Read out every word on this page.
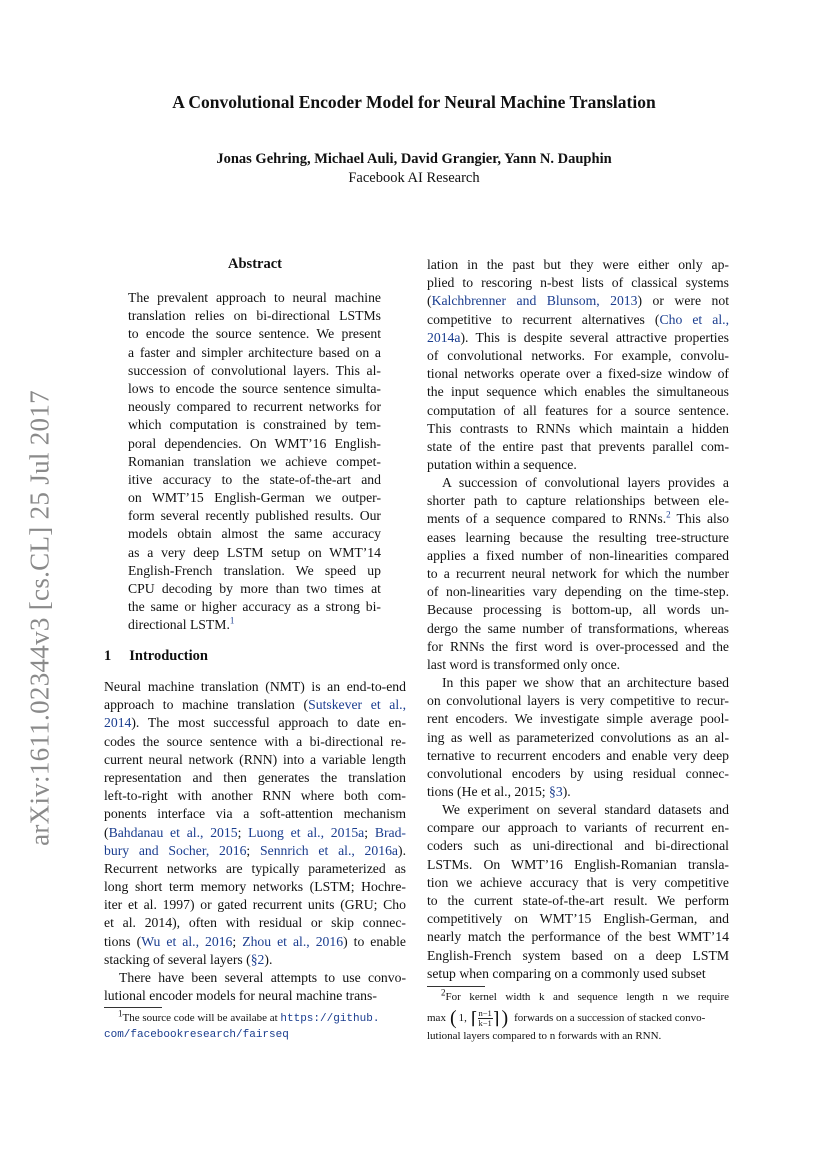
A Convolutional Encoder Model for Neural Machine Translation
Jonas Gehring, Michael Auli, David Grangier, Yann N. Dauphin
Facebook AI Research
arXiv:1611.02344v3 [cs.CL] 25 Jul 2017
Abstract
The prevalent approach to neural machine
translation relies on bi-directional LSTMs
to encode the source sentence. We present
a faster and simpler architecture based on a
succession of convolutional layers. This al-
lows to encode the source sentence simulta-
neously compared to recurrent networks for
which computation is constrained by tem-
poral dependencies. On WMT’16 English-
Romanian translation we achieve compet-
itive accuracy to the state-of-the-art and
on WMT’15 English-German we outper-
form several recently published results. Our
models obtain almost the same accuracy
as a very deep LSTM setup on WMT’14
English-French translation. We speed up
CPU decoding by more than two times at
the same or higher accuracy as a strong bi-
directional LSTM.$^1$
1 Introduction
Neural machine translation (NMT) is an end-to-end
approach to machine translation (Sutskever et al.,
2014). The most successful approach to date en-
codes the source sentence with a bi-directional re-
current neural network (RNN) into a variable length
representation and then generates the translation
left-to-right with another RNN where both com-
ponents interface via a soft-attention mechanism
(Bahdanau et al., 2015; Luong et al., 2015a; Brad-
bury and Socher, 2016; Sennrich et al., 2016a).
Recurrent networks are typically parameterized as
long short term memory networks (LSTM; Hochre-
iter et al. 1997) or gated recurrent units (GRU; Cho
et al. 2014), often with residual or skip connec-
tions (Wu et al., 2016; Zhou et al., 2016) to enable
stacking of several layers (§2).
There have been several attempts to use convo-
lutional encoder models for neural machine trans-
$^1$The source code will be availabe at https://github.
com/facebookresearch/fairseq
lation in the past but they were either only ap-
plied to rescoring n-best lists of classical systems
(Kalchbrenner and Blunsom, 2013) or were not
competitive to recurrent alternatives (Cho et al.,
2014a). This is despite several attractive properties
of convolutional networks. For example, convolu-
tional networks operate over a fixed-size window of
the input sequence which enables the simultaneous
computation of all features for a source sentence.
This contrasts to RNNs which maintain a hidden
state of the entire past that prevents parallel com-
putation within a sequence.
A succession of convolutional layers provides a
shorter path to capture relationships between ele-
ments of a sequence compared to RNNs.$^2$ This also
eases learning because the resulting tree-structure
applies a fixed number of non-linearities compared
to a recurrent neural network for which the number
of non-linearities vary depending on the time-step.
Because processing is bottom-up, all words un-
dergo the same number of transformations, whereas
for RNNs the first word is over-processed and the
last word is transformed only once.
In this paper we show that an architecture based
on convolutional layers is very competitive to recur-
rent encoders. We investigate simple average pool-
ing as well as parameterized convolutions as an al-
ternative to recurrent encoders and enable very deep
convolutional encoders by using residual connec-
tions (He et al., 2015; §3).
We experiment on several standard datasets and
compare our approach to variants of recurrent en-
coders such as uni-directional and bi-directional
LSTMs. On WMT’16 English-Romanian transla-
tion we achieve accuracy that is very competitive
to the current state-of-the-art result. We perform
competitively on WMT’15 English-German, and
nearly match the performance of the best WMT’14
English-French system based on a deep LSTM
setup when comparing on a commonly used subset
$^2$For kernel width k and sequence length n we require
max ( 1, ⌈ n−1
k−1 ⌉ ) forwards on a succession of stacked convo-
lutional layers compared to n forwards with an RNN.
